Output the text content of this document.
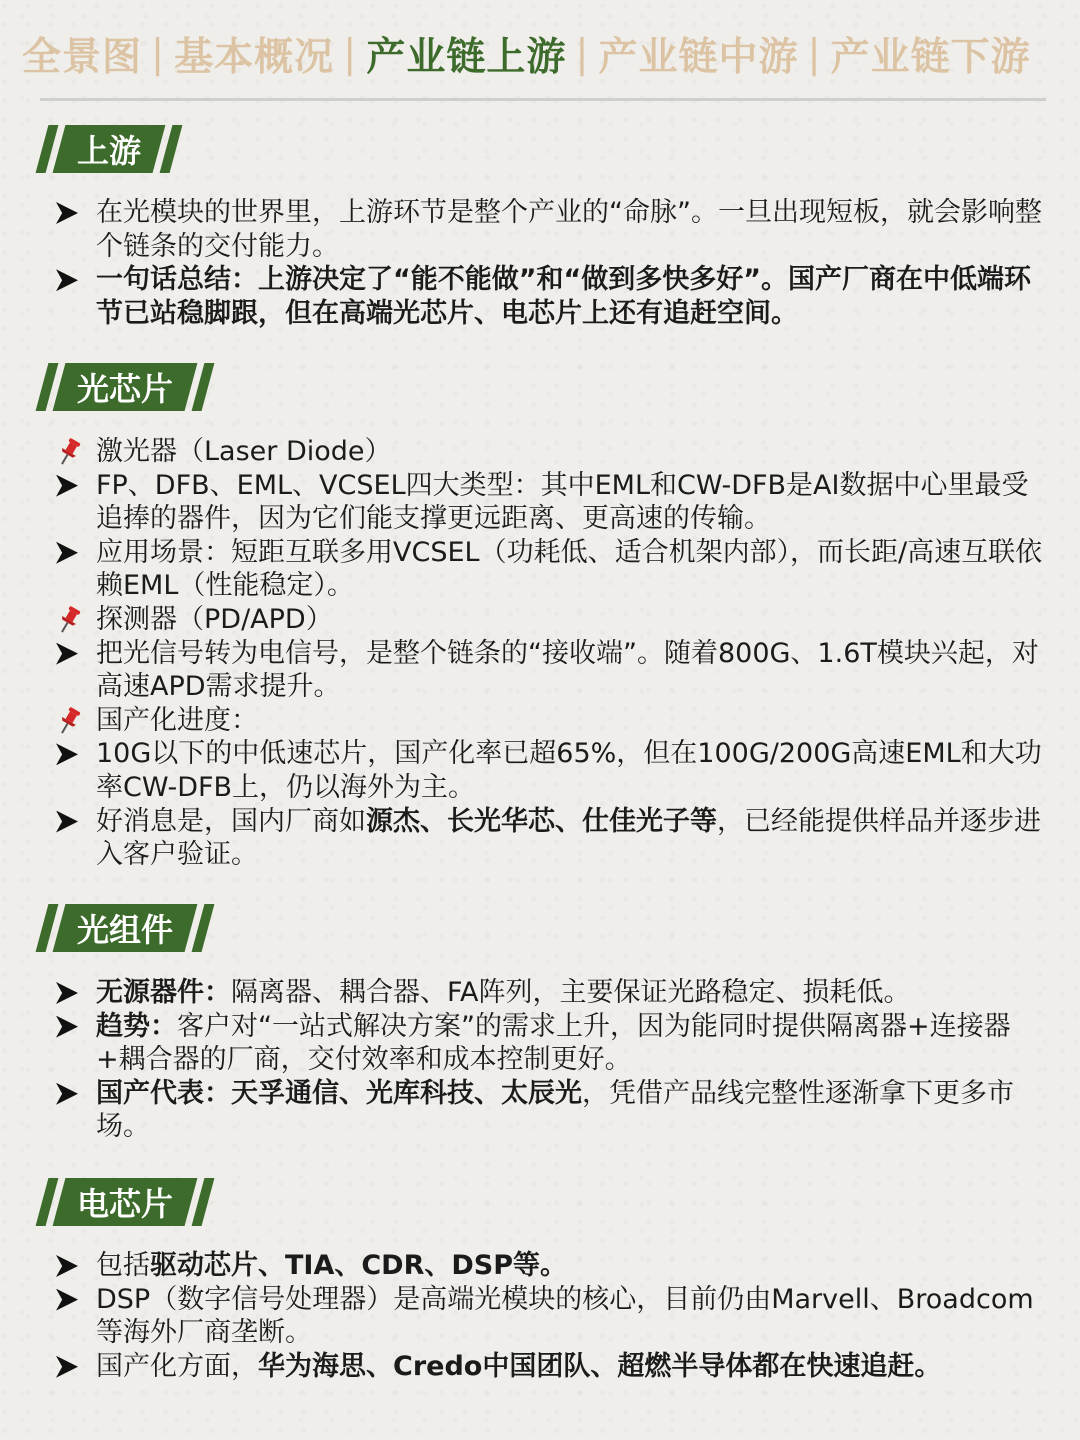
全景图 | 基本概况 | 产业链上游 | 产业链中游 | 产业链下游
上游
在光模块的世界里，上游环节是整个产业的“命脉”。一旦出现短板，就会影响整个链条的交付能力。
一句话总结：上游决定了“能不能做”和“做到多快多好”。国产厂商在中低端环节已站稳脚跟，但在高端光芯片、电芯片上还有追赶空间。
光芯片
激光器（Laser Diode）
FP、DFB、EML、VCSEL四大类型：其中EML和CW-DFB是AI数据中心里最受追捧的器件，因为它们能支撑更远距离、更高速的传输。
应用场景：短距互联多用VCSEL（功耗低、适合机架内部），而长距/高速互联依赖EML（性能稳定）。
探测器（PD/APD）
把光信号转为电信号，是整个链条的“接收端”。随着800G、1.6T模块兴起，对高速APD需求提升。
国产化进度：
10G以下的中低速芯片，国产化率已超65%，但在100G/200G高速EML和大功率CW-DFB上，仍以海外为主。
好消息是，国内厂商如源杰、长光华芯、仕佳光子等，已经能提供样品并逐步进入客户验证。
光组件
无源器件：隔离器、耦合器、FA阵列，主要保证光路稳定、损耗低。
趋势：客户对“一站式解决方案”的需求上升，因为能同时提供隔离器+连接器+耦合器的厂商，交付效率和成本控制更好。
国产代表：天孚通信、光库科技、太辰光，凭借产品线完整性逐渐拿下更多市场。
电芯片
包括驱动芯片、TIA、CDR、DSP等。
DSP（数字信号处理器）是高端光模块的核心，目前仍由Marvell、Broadcom等海外厂商垄断。
国产化方面，华为海思、Credo中国团队、超燃半导体都在快速追赶。
